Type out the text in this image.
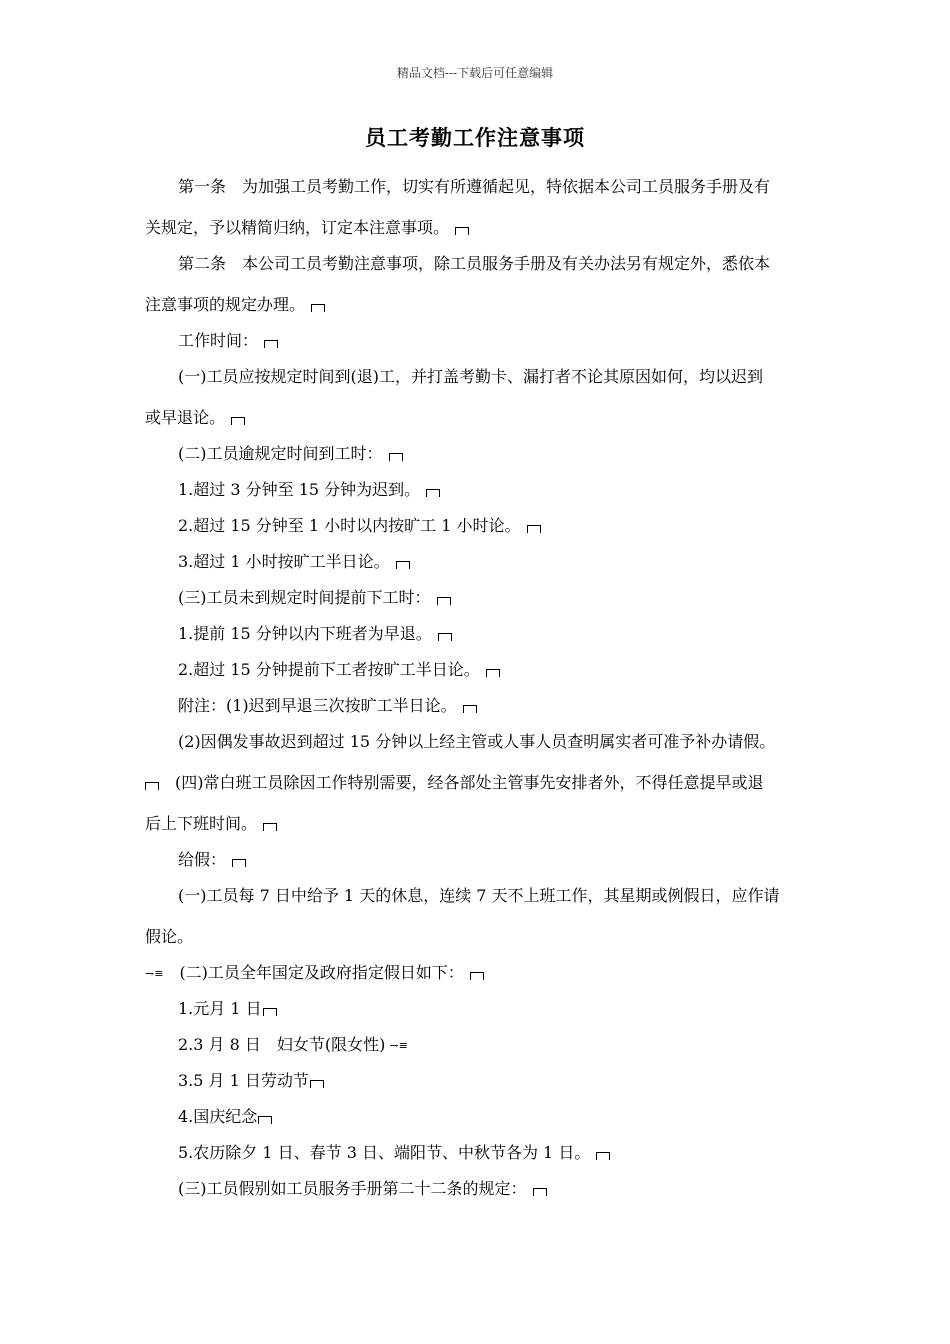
精品文档---下载后可任意编辑
员工考勤工作注意事项
第一条　为加强工员考勤工作，切实有所遵循起见，特依据本公司工员服务手册及有
关规定，予以精简归纳，订定本注意事项。
第二条　本公司工员考勤注意事项，除工员服务手册及有关办法另有规定外，悉依本
注意事项的规定办理。
工作时间：
(一)工员应按规定时间到(退)工，并打盖考勤卡、漏打者不论其原因如何，均以迟到
或早退论。
(二)工员逾规定时间到工时：
1.超过 3 分钟至 15 分钟为迟到。
2.超过 15 分钟至 1 小时以内按旷工 1 小时论。
3.超过 1 小时按旷工半日论。
(三)工员未到规定时间提前下工时：
1.提前 15 分钟以内下班者为早退。
2.超过 15 分钟提前下工者按旷工半日论。
附注：(1)迟到早退三次按旷工半日论。
(2)因偶发事故迟到超过 15 分钟以上经主管或人事人员查明属实者可准予补办请假。
(四)常白班工员除因工作特别需要，经各部处主管事先安排者外，不得任意提早或退
后上下班时间。
给假：
(一)工员每 7 日中给予 1 天的休息，连续 7 天不上班工作，其星期或例假日，应作请
假论。
⇁≡ (二)工员全年国定及政府指定假日如下：
1.元月 1 日
2.3 月 8 日　妇女节(限女性) ⇁≡
3.5 月 1 日劳动节
4.国庆纪念
5.农历除夕 1 日、春节 3 日、端阳节、中秋节各为 1 日。
(三)工员假别如工员服务手册第二十二条的规定：
